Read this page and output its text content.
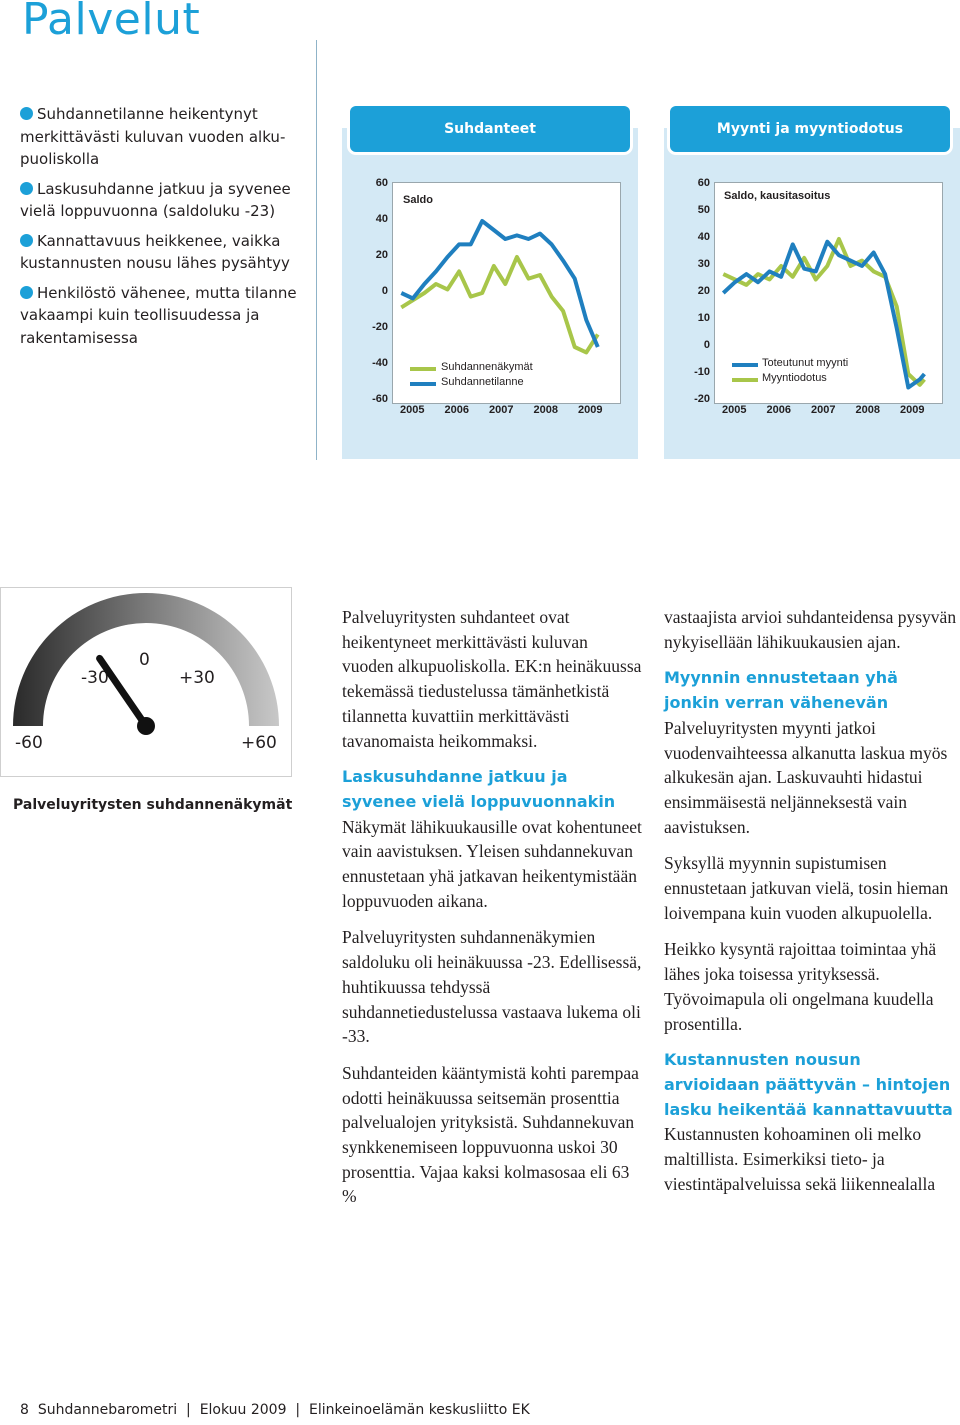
Palvelut
Suhdannetilanne heikentynyt merkittävästi kuluvan vuoden alku-puoliskolla
Laskusuhdanne jatkuu ja syvenee vielä loppuvuonna (saldoluku -23)
Kannattavuus heikkenee, vaikka kustannusten nousu lähes pysähtyy
Henkilöstö vähenee, mutta tilanne vakaampi kuin teollisuudessa ja rakentamisessa
Suhdanteet
60
40
20
0
-20
-40
-60
2005 2006 2007 2008 2009
Saldo
Suhdannenäkymät
Suhdannetilanne
Myynti ja myyntiodotus
60
50
40
30
20
10
0
-10
-20
2005 2006 2007 2008 2009
Saldo, kausitasoitus
Toteutunut myynti
Myyntiodotus
-60
-30
0
+30
+60
Palveluyritysten suhdannenäkymät

Palveluyritysten suhdanteet ovat heikentyneet merkittävästi kuluvan vuoden alkupuoliskolla. EK:n heinäkuussa tekemässä tiedustelussa tämänhetkistä tilannetta kuvattiin merkittävästi tavanomaista heikommaksi.

Laskusuhdanne jatkuu ja syvenee vielä loppuvuonnakin

Näkymät lähikuukausille ovat kohentuneet vain aavistuksen. Yleisen suhdannekuvan ennustetaan yhä jatkavan heikentymistään loppuvuoden aikana.

Palveluyritysten suhdannenäkymien saldoluku oli heinäkuussa -23. Edellisessä, huhtikuussa tehdyssä suhdannetiedustelussa vastaava lukema oli -33.

Suhdanteiden kääntymistä kohti parempaa odotti heinäkuussa seitsemän prosenttia palvelualojen yrityksistä. Suhdannekuvan synkkenemiseen loppuvuonna uskoi 30 prosenttia. Vajaa kaksi kolmasosaa eli 63 %

vastaajista arvioi suhdanteidensa pysyvän nykyisellään lähikuukausien ajan.

Myynnin ennustetaan yhä jonkin verran vähenevän

Palveluyritysten myynti jatkoi vuodenvaihteessa alkanutta laskua myös alkukesän ajan. Laskuvauhti hidastui ensimmäisestä neljänneksestä vain aavistuksen.

Syksyllä myynnin supistumisen ennustetaan jatkuvan vielä, tosin hieman loivempana kuin vuoden alkupuolella.

Heikko kysyntä rajoittaa toimintaa yhä lähes joka toisessa yrityksessä. Työvoimapula oli ongelmana kuudella prosentilla.

Kustannusten nousun arvioidaan päättyvän – hintojen lasku heikentää kannattavuutta

Kustannusten kohoaminen oli melko maltillista. Esimerkiksi tieto- ja viestintäpalveluissa sekä liikennealalla

8 Suhdannebarometri  |  Elokuu 2009  |  Elinkeinoelämän keskusliitto EK
